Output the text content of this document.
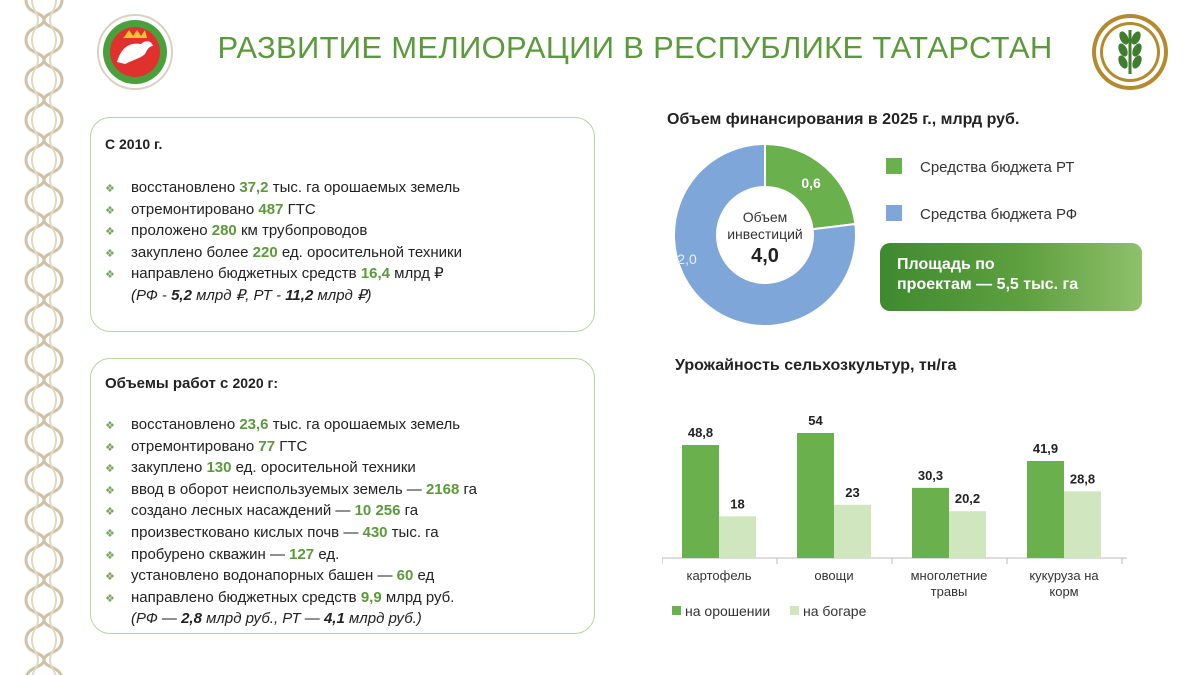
РАЗВИТИЕ МЕЛИОРАЦИИ В РЕСПУБЛИКЕ ТАТАРСТАН
С 2010 г.
❖ восстановлено 37,2 тыс. га орошаемых земель
❖ отремонтировано 487 ГТС
❖ проложено 280 км трубопроводов
❖ закуплено более 220 ед. оросительной техники
❖ направлено бюджетных средств 16,4 млрд ₽
(РФ - 5,2 млрд ₽, РТ - 11,2 млрд ₽)
Объемы работ с 2020 г:
❖ восстановлено 23,6 тыс. га орошаемых земель
❖ отремонтировано 77 ГТС
❖ закуплено 130 ед. оросительной техники
❖ ввод в оборот неиспользуемых земель — 2168 га
❖ создано лесных насаждений — 10 256 га
❖ произвестковано кислых почв — 430 тыс. га
❖ пробурено скважин — 127 ед.
❖ установлено водонапорных башен — 60 ед
❖ направлено бюджетных средств 9,9 млрд руб.
(РФ — 2,8 млрд руб., РТ — 4,1 млрд руб.)
Объем финансирования в 2025 г., млрд руб.
0,6
2,0
Объем
инвестиций
4,0
Средства бюджета РТ
Средства бюджета РФ
Площадь по
проектам — 5,5 тыс. га
Урожайность сельхозкультур, тн/га
48,8
18
картофель
54
23
овощи
30,3
20,2
многолетние
травы
41,9
28,8
кукуруза на
корм
на орошении	на богаре
